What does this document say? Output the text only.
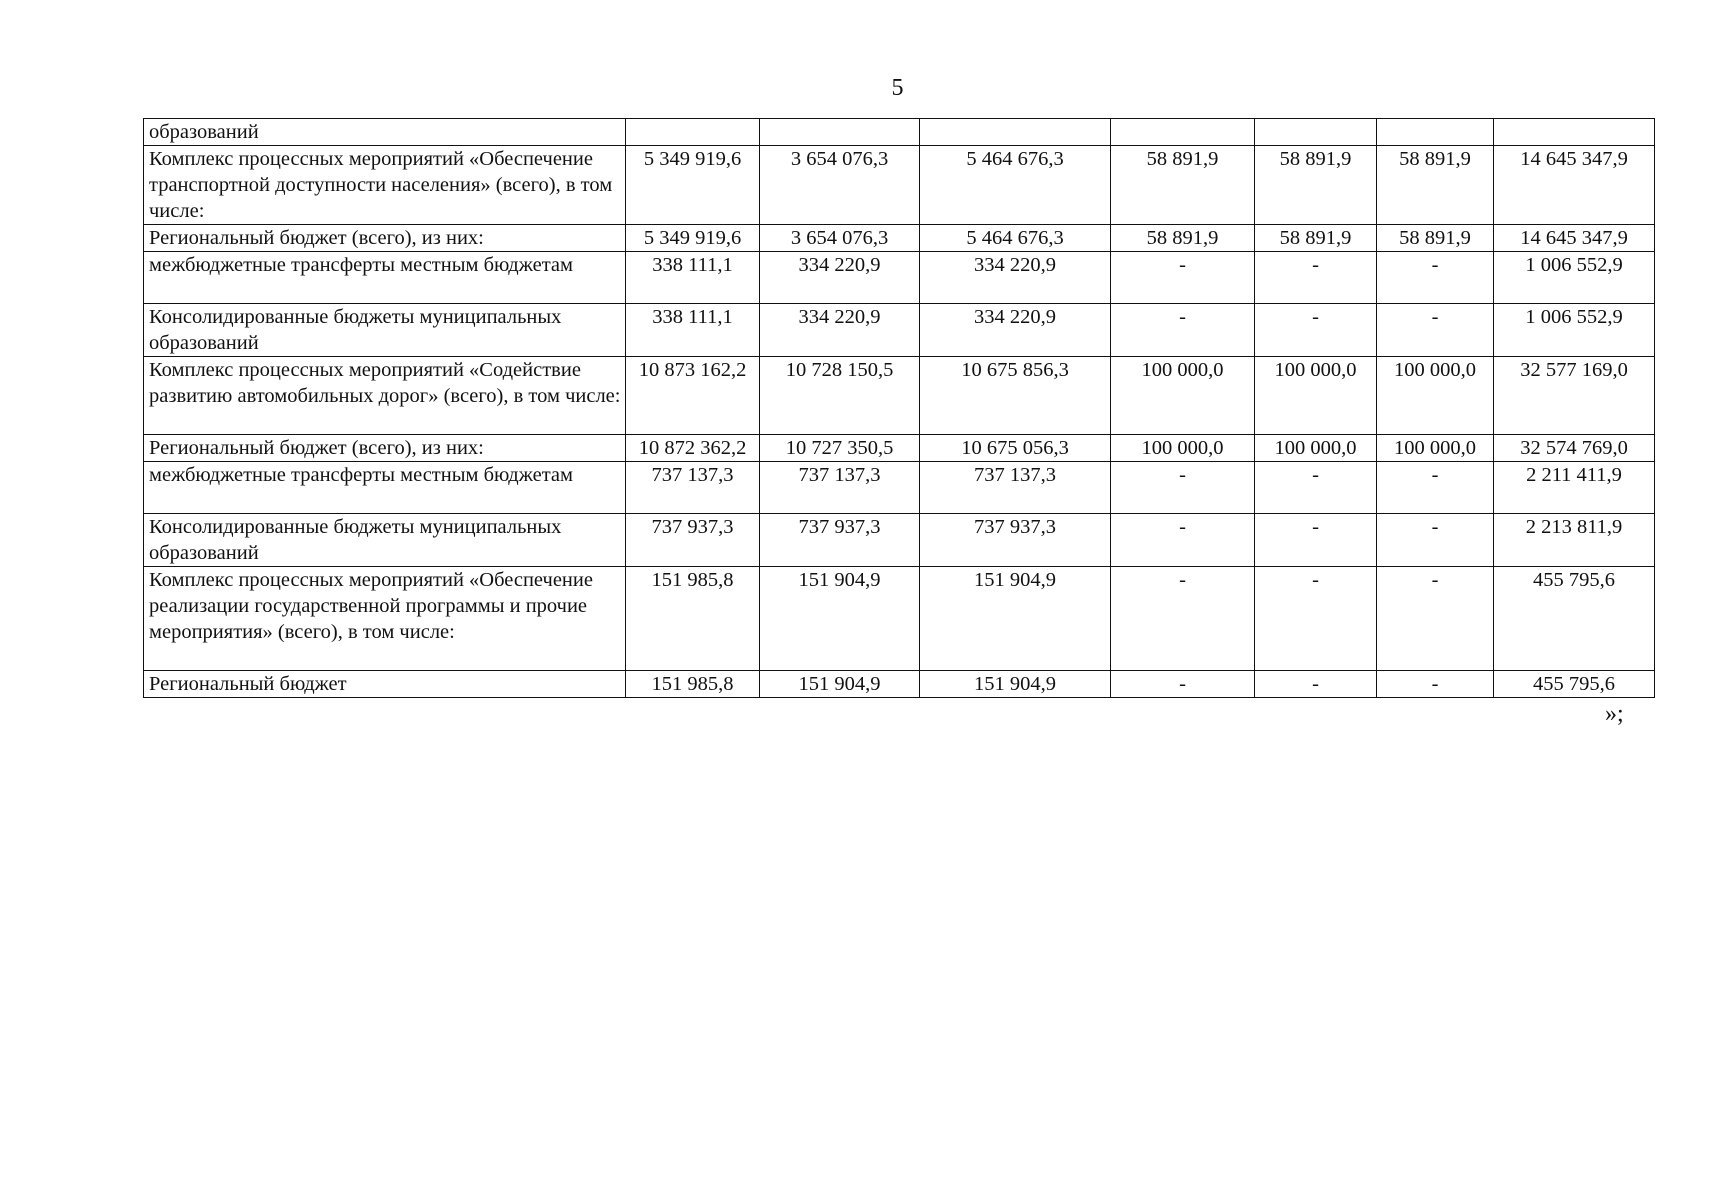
5
образований							
Комплекс процессных мероприятий «Обеспечение транспортной доступности населения» (всего), в том числе:	5 349 919,6	3 654 076,3	5 464 676,3	58 891,9	58 891,9	58 891,9	14 645 347,9
Региональный бюджет (всего), из них:	5 349 919,6	3 654 076,3	5 464 676,3	58 891,9	58 891,9	58 891,9	14 645 347,9
межбюджетные трансферты местным бюджетам	338 111,1	334 220,9	334 220,9	-	-	-	1 006 552,9
Консолидированные бюджеты муниципальных образований	338 111,1	334 220,9	334 220,9	-	-	-	1 006 552,9
Комплекс процессных мероприятий «Содействие развитию автомобильных дорог» (всего), в том числе:	10 873 162,2	10 728 150,5	10 675 856,3	100 000,0	100 000,0	100 000,0	32 577 169,0
Региональный бюджет (всего), из них:	10 872 362,2	10 727 350,5	10 675 056,3	100 000,0	100 000,0	100 000,0	32 574 769,0
межбюджетные трансферты местным бюджетам	737 137,3	737 137,3	737 137,3	-	-	-	2 211 411,9
Консолидированные бюджеты муниципальных образований	737 937,3	737 937,3	737 937,3	-	-	-	2 213 811,9
Комплекс процессных мероприятий «Обеспечение реализации государственной программы и прочие мероприятия» (всего), в том числе:	151 985,8	151 904,9	151 904,9	-	-	-	455 795,6
Региональный бюджет	151 985,8	151 904,9	151 904,9	-	-	-	455 795,6
»;
